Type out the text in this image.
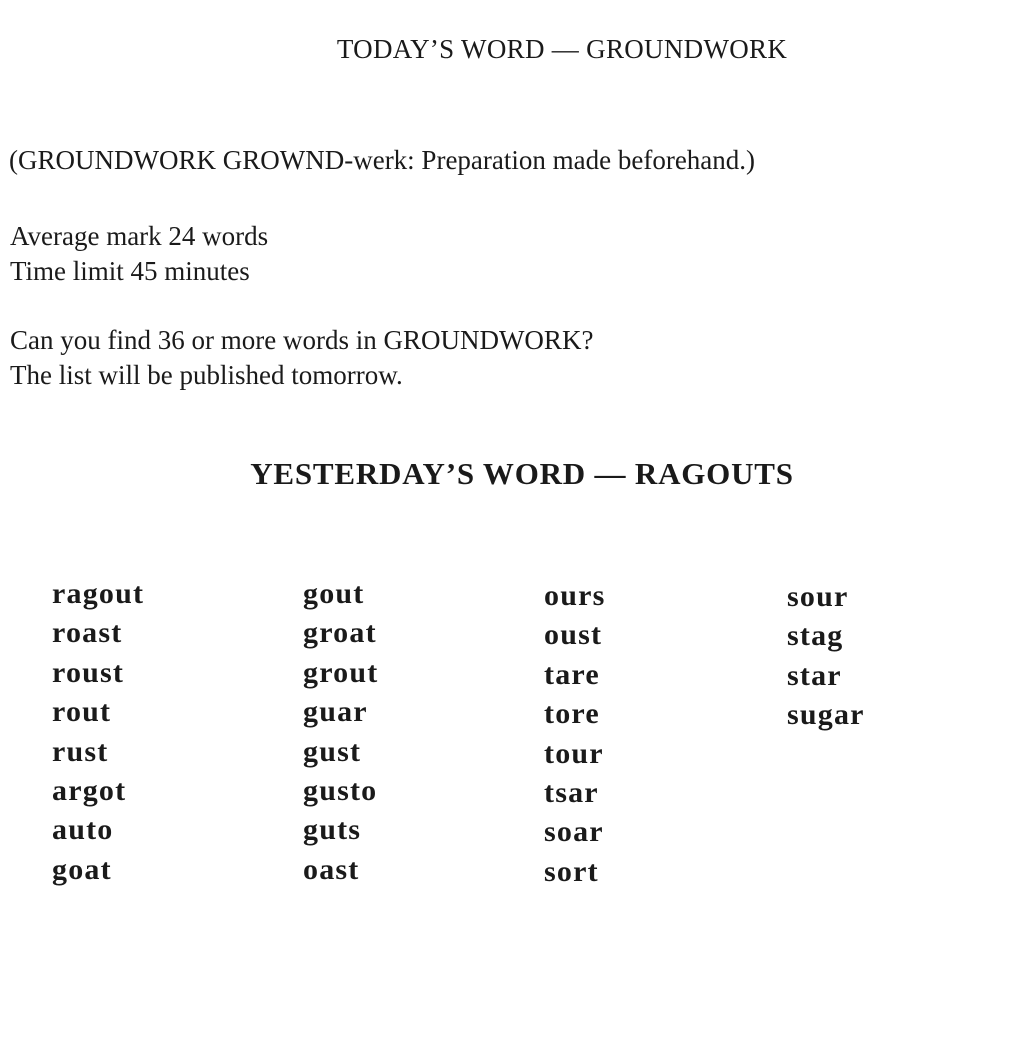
TODAY’S WORD — GROUNDWORK
(GROUNDWORK GROWND-werk: Preparation made beforehand.)
Average mark 24 words
Time limit 45 minutes
Can you find 36 or more words in GROUNDWORK?
The list will be published tomorrow.
YESTERDAY’S WORD — RAGOUTS
ragout
roast
roust
rout
rust
argot
auto
goat
gout
groat
grout
guar
gust
gusto
guts
oast
ours
oust
tare
tore
tour
tsar
soar
sort
sour
stag
star
sugar
